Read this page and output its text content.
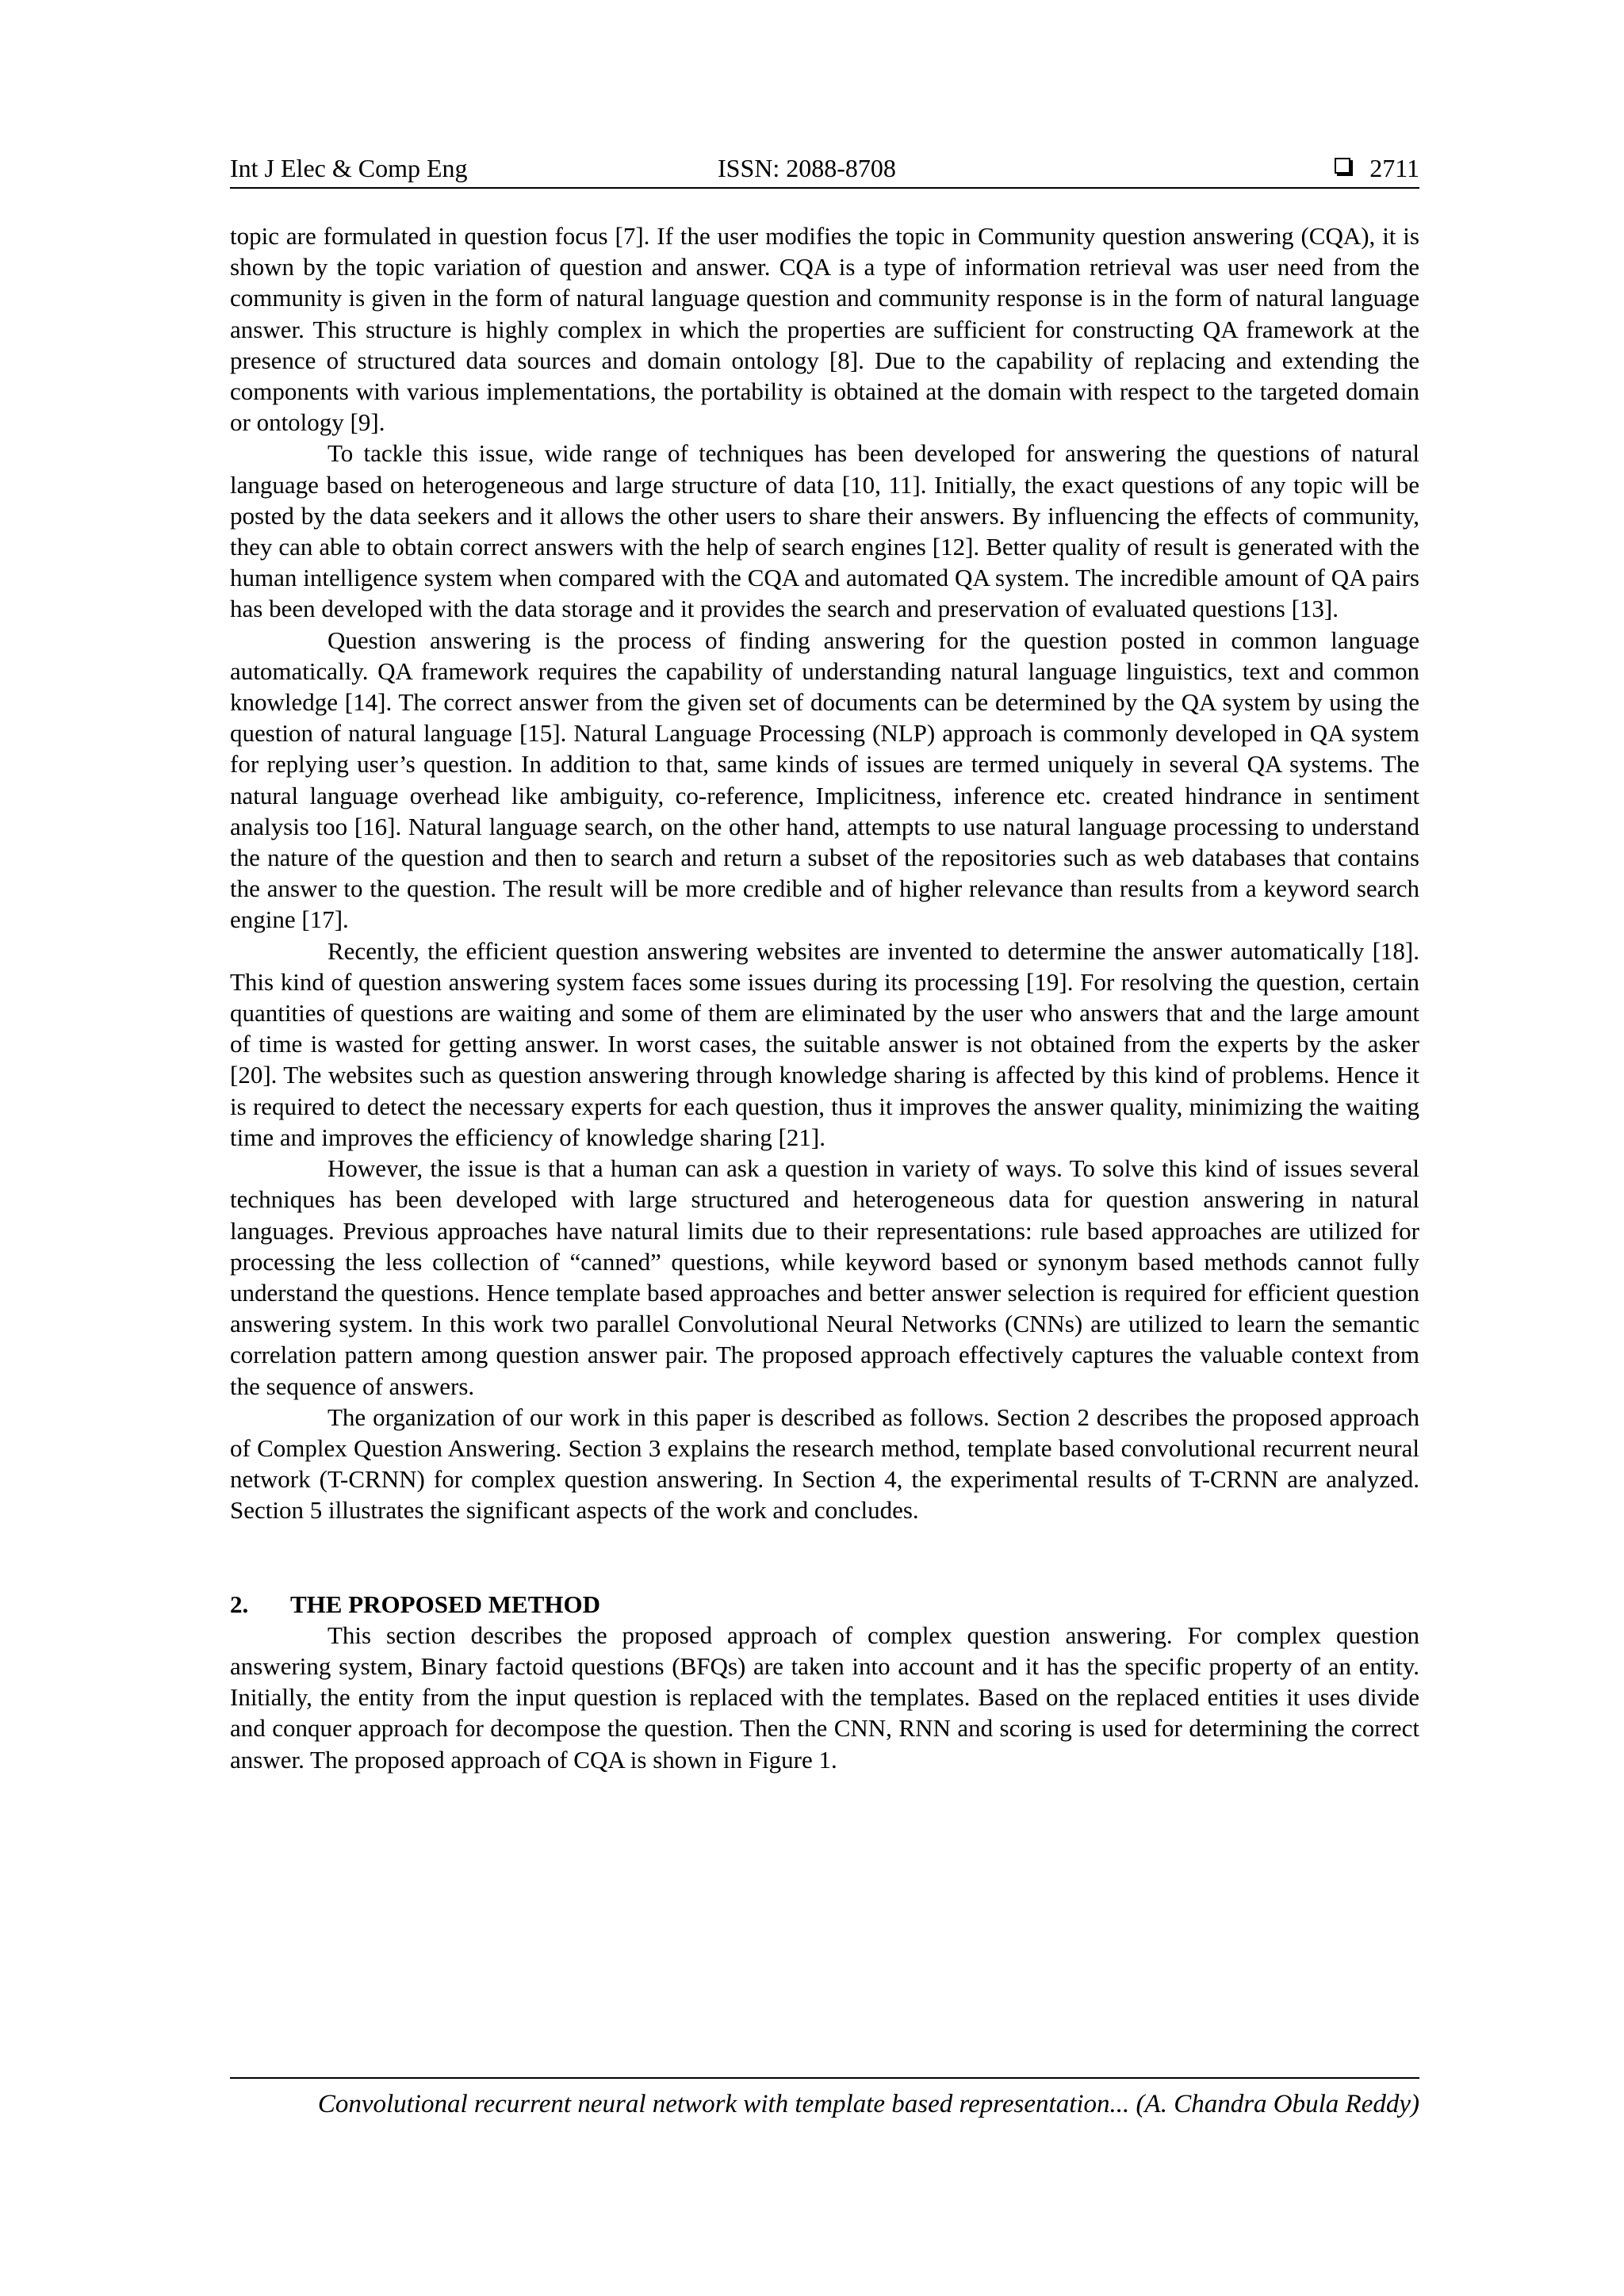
Int J Elec & Comp Eng	ISSN: 2088-8708	2711

topic are formulated in question focus [7]. If the user modifies the topic in Community question answering (CQA), it is shown by the topic variation of question and answer. CQA is a type of information retrieval was user need from the community is given in the form of natural language question and community response is in the form of natural language answer. This structure is highly complex in which the properties are sufficient for constructing QA framework at the presence of structured data sources and domain ontology [8]. Due to the capability of replacing and extending the components with various implementations, the portability is obtained at the domain with respect to the targeted domain or ontology [9].

To tackle this issue, wide range of techniques has been developed for answering the questions of natural language based on heterogeneous and large structure of data [10, 11]. Initially, the exact questions of any topic will be posted by the data seekers and it allows the other users to share their answers. By influencing the effects of community, they can able to obtain correct answers with the help of search engines [12]. Better quality of result is generated with the human intelligence system when compared with the CQA and automated QA system. The incredible amount of QA pairs has been developed with the data storage and it provides the search and preservation of evaluated questions [13].

Question answering is the process of finding answering for the question posted in common language automatically. QA framework requires the capability of understanding natural language linguistics, text and common knowledge [14]. The correct answer from the given set of documents can be determined by the QA system by using the question of natural language [15]. Natural Language Processing (NLP) approach is commonly developed in QA system for replying user’s question. In addition to that, same kinds of issues are termed uniquely in several QA systems. The natural language overhead like ambiguity, co-reference, Implicitness, inference etc. created hindrance in sentiment analysis too [16]. Natural language search, on the other hand, attempts to use natural language processing to understand the nature of the question and then to search and return a subset of the repositories such as web databases that contains the answer to the question. The result will be more credible and of higher relevance than results from a keyword search engine [17].

Recently, the efficient question answering websites are invented to determine the answer automatically [18]. This kind of question answering system faces some issues during its processing [19]. For resolving the question, certain quantities of questions are waiting and some of them are eliminated by the user who answers that and the large amount of time is wasted for getting answer. In worst cases, the suitable answer is not obtained from the experts by the asker [20]. The websites such as question answering through knowledge sharing is affected by this kind of problems. Hence it is required to detect the necessary experts for each question, thus it improves the answer quality, minimizing the waiting time and improves the efficiency of knowledge sharing [21].

However, the issue is that a human can ask a question in variety of ways. To solve this kind of issues several techniques has been developed with large structured and heterogeneous data for question answering in natural languages. Previous approaches have natural limits due to their representations: rule based approaches are utilized for processing the less collection of “canned” questions, while keyword based or synonym based methods cannot fully understand the questions. Hence template based approaches and better answer selection is required for efficient question answering system. In this work two parallel Convolutional Neural Networks (CNNs) are utilized to learn the semantic correlation pattern among question answer pair. The proposed approach effectively captures the valuable context from the sequence of answers.

The organization of our work in this paper is described as follows. Section 2 describes the proposed approach of Complex Question Answering. Section 3 explains the research method, template based convolutional recurrent neural network (T-CRNN) for complex question answering. In Section 4, the experimental results of T-CRNN are analyzed. Section 5 illustrates the significant aspects of the work and concludes.

2. THE PROPOSED METHOD

This section describes the proposed approach of complex question answering. For complex question answering system, Binary factoid questions (BFQs) are taken into account and it has the specific property of an entity. Initially, the entity from the input question is replaced with the templates. Based on the replaced entities it uses divide and conquer approach for decompose the question. Then the CNN, RNN and scoring is used for determining the correct answer. The proposed approach of CQA is shown in Figure 1.

Convolutional recurrent neural network with template based representation... (A. Chandra Obula Reddy)
